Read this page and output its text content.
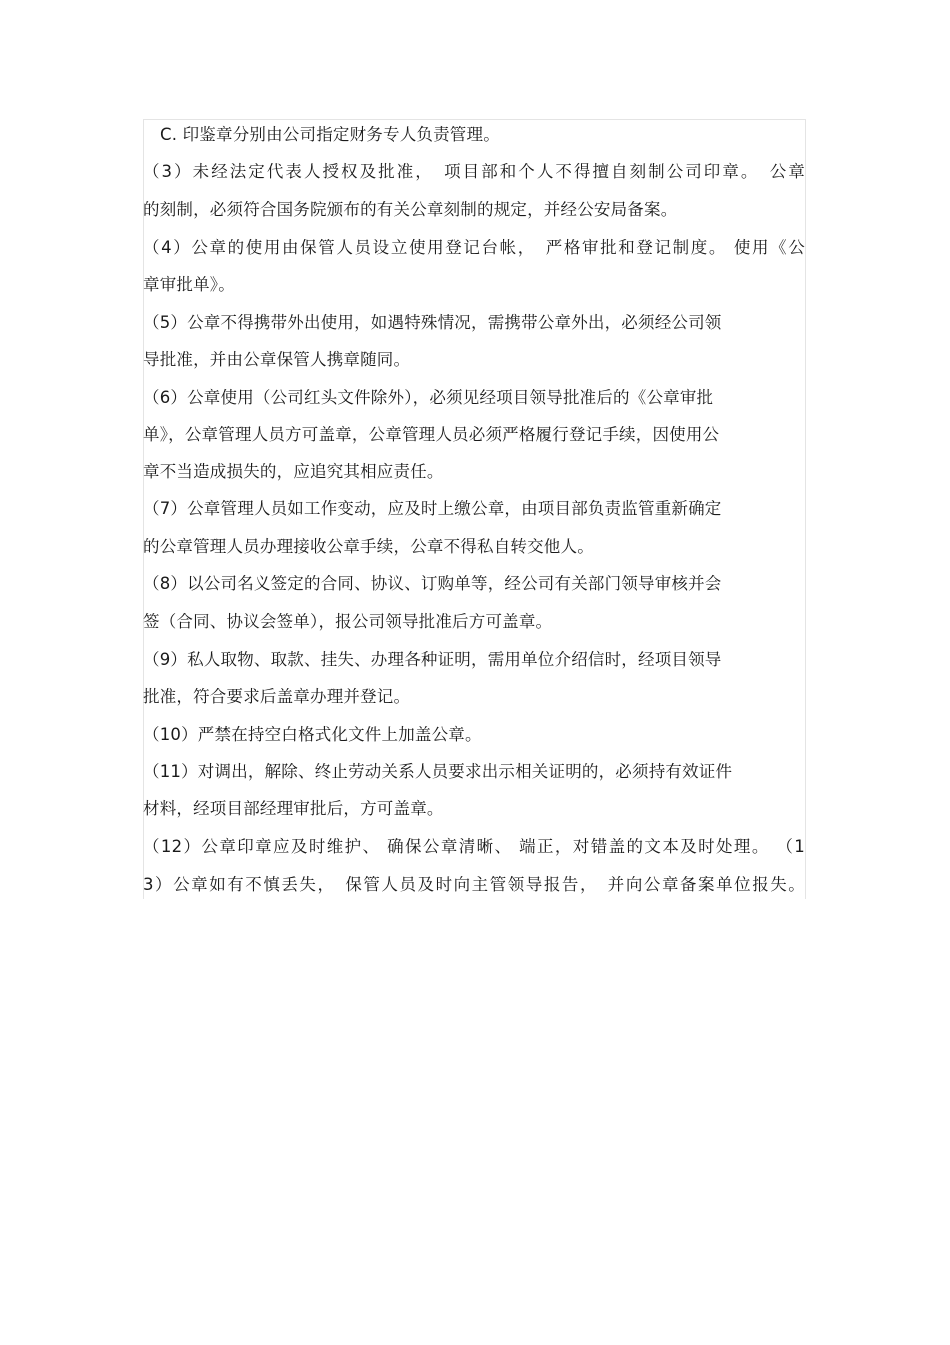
C. 印鉴章分别由公司指定财务专人负责管理。
（3）未经法定代表人授权及批准，　项目部和个人不得擅自刻制公司印章。　公章
的刻制，必须符合国务院颁布的有关公章刻制的规定，并经公安局备案。
（4）公章的使用由保管人员设立使用登记台帐，　严格审批和登记制度。 使用《公
章审批单》。
（5）公章不得携带外出使用，如遇特殊情况，需携带公章外出，必须经公司领
导批准，并由公章保管人携章随同。
（6）公章使用（公司红头文件除外），必须见经项目领导批准后的《公章审批
单》，公章管理人员方可盖章，公章管理人员必须严格履行登记手续，因使用公
章不当造成损失的，应追究其相应责任。
（7）公章管理人员如工作变动，应及时上缴公章，由项目部负责监管重新确定
的公章管理人员办理接收公章手续，公章不得私自转交他人。
（8）以公司名义签定的合同、协议、订购单等，经公司有关部门领导审核并会
签（合同、协议会签单），报公司领导批准后方可盖章。
（9）私人取物、取款、挂失、办理各种证明，需用单位介绍信时，经项目领导
批准，符合要求后盖章办理并登记。
（10）严禁在持空白格式化文件上加盖公章。
（11）对调出，解除、终止劳动关系人员要求出示相关证明的，必须持有效证件
材料，经项目部经理审批后，方可盖章。
（12）公章印章应及时维护、 确保公章清晰、 端正，对错盖的文本及时处理。 （1
3）公章如有不慎丢失，　保管人员及时向主管领导报告，　并向公章备案单位报失。
